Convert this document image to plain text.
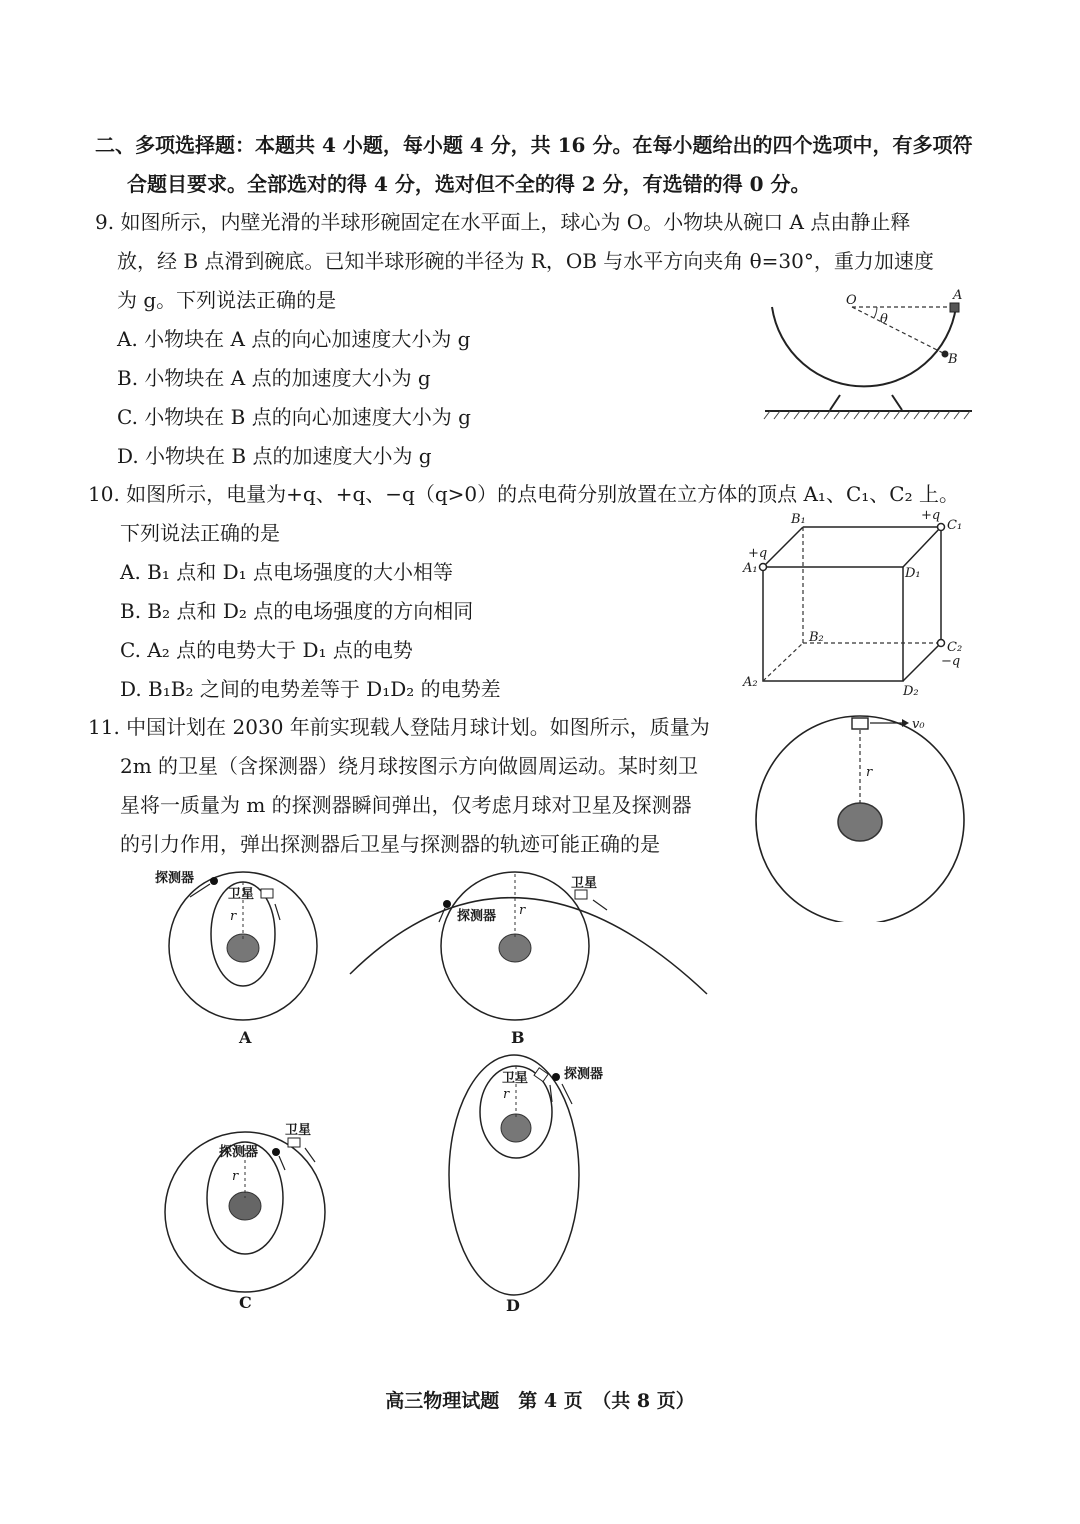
二、多项选择题：本题共 4 小题，每小题 4 分，共 16 分。在每小题给出的四个选项中，有多项符
合题目要求。全部选对的得 4 分，选对但不全的得 2 分，有选错的得 0 分。
9. 如图所示，内壁光滑的半球形碗固定在水平面上，球心为 O。小物块从碗口 A 点由静止释
放，经 B 点滑到碗底。已知半球形碗的半径为 R，OB 与水平方向夹角 θ=30°，重力加速度
为 g。下列说法正确的是
A. 小物块在 A 点的向心加速度大小为 g
B. 小物块在 A 点的加速度大小为 g
C. 小物块在 B 点的向心加速度大小为 g
D. 小物块在 B 点的加速度大小为 g
O	A
B
θ
10. 如图所示，电量为+q、+q、−q（q>0）的点电荷分别放置在立方体的顶点 A₁、C₁、C₂ 上。
下列说法正确的是
A. B₁ 点和 D₁ 点电场强度的大小相等
B. B₂ 点和 D₂ 点的电场强度的方向相同
C. A₂ 点的电势大于 D₁ 点的电势
D. B₁B₂ 之间的电势差等于 D₁D₂ 的电势差
B₁	C₁
+q
A₁
+q
D₁
B₂
C₂
−q
A₂
D₂
11. 中国计划在 2030 年前实现载人登陆月球计划。如图所示，质量为
2m 的卫星（含探测器）绕月球按图示方向做圆周运动。某时刻卫
星将一质量为 m 的探测器瞬间弹出，仅考虑月球对卫星及探测器
的引力作用，弹出探测器后卫星与探测器的轨迹可能正确的是
v₀
r
探测器
卫星
r
A
探测器
卫星
r
B
探测器
卫星
r
C
卫星	探测器
r
D
高三物理试题　第 4 页　（共 8 页）
